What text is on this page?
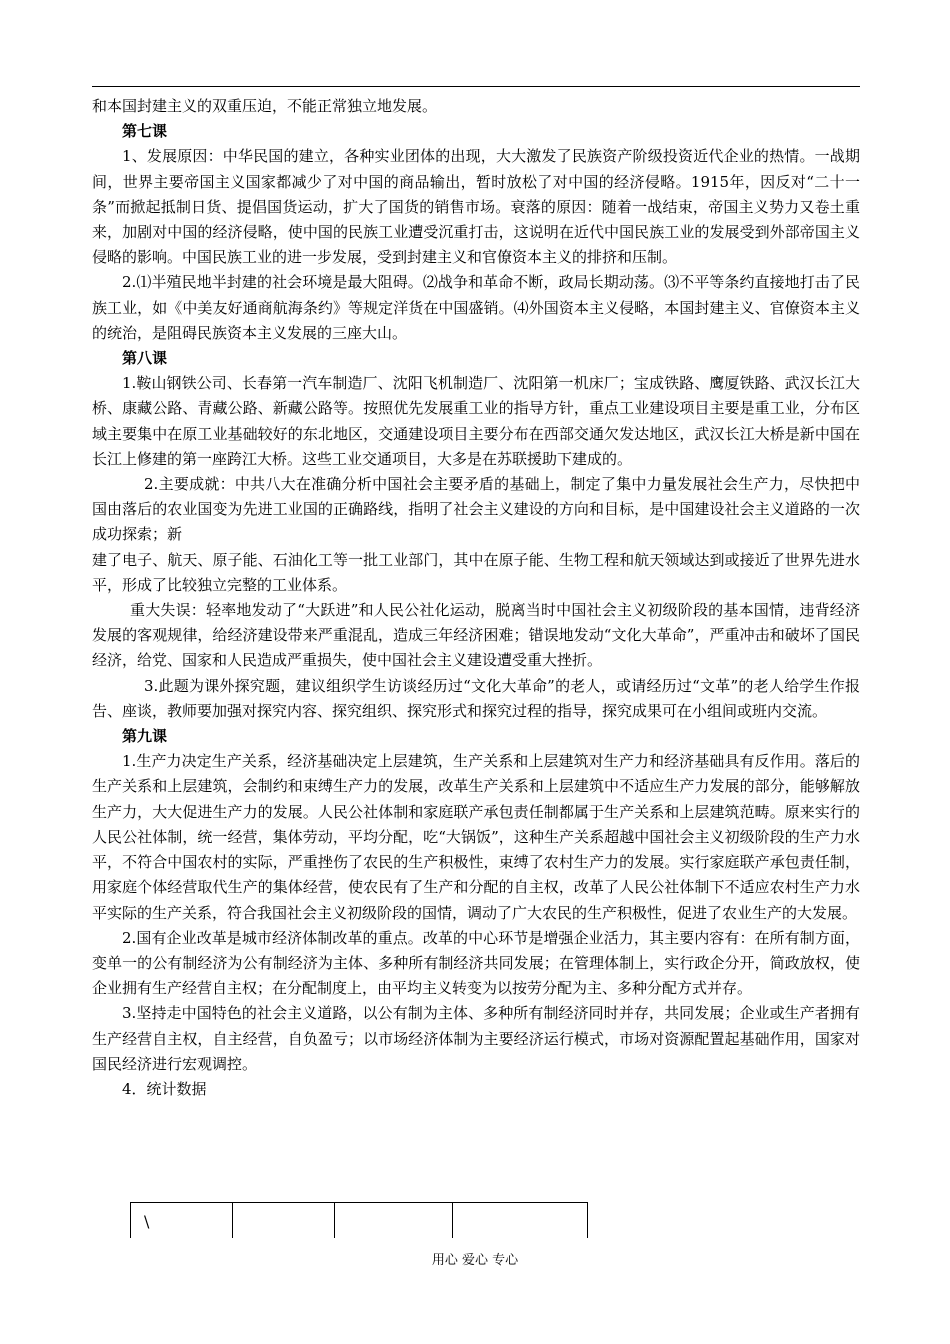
和本国封建主义的双重压迫，不能正常独立地发展。

第七课

1、发展原因：中华民国的建立，各种实业团体的出现，大大激发了民族资产阶级投资近代企业的热情。一战期间，世界主要帝国主义国家都减少了对中国的商品输出，暂时放松了对中国的经济侵略。1915年，因反对“二十一条”而掀起抵制日货、提倡国货运动，扩大了国货的销售市场。衰落的原因：随着一战结束，帝国主义势力又卷土重来，加剧对中国的经济侵略，使中国的民族工业遭受沉重打击，这说明在近代中国民族工业的发展受到外部帝国主义侵略的影响。中国民族工业的进一步发展，受到封建主义和官僚资本主义的排挤和压制。

2.⑴半殖民地半封建的社会环境是最大阻碍。⑵战争和革命不断，政局长期动荡。⑶不平等条约直接地打击了民族工业，如《中美友好通商航海条约》等规定洋货在中国盛销。⑷外国资本主义侵略，本国封建主义、官僚资本主义的统治，是阻碍民族资本主义发展的三座大山。

第八课

1.鞍山钢铁公司、长春第一汽车制造厂、沈阳飞机制造厂、沈阳第一机床厂；宝成铁路、鹰厦铁路、武汉长江大桥、康藏公路、青藏公路、新藏公路等。按照优先发展重工业的指导方针，重点工业建设项目主要是重工业，分布区域主要集中在原工业基础较好的东北地区，交通建设项目主要分布在西部交通欠发达地区，武汉长江大桥是新中国在长江上修建的第一座跨江大桥。这些工业交通项目，大多是在苏联援助下建成的。

2.主要成就：中共八大在准确分析中国社会主要矛盾的基础上，制定了集中力量发展社会生产力，尽快把中国由落后的农业国变为先进工业国的正确路线，指明了社会主义建设的方向和目标，是中国建设社会主义道路的一次成功探索；新

建了电子、航天、原子能、石油化工等一批工业部门，其中在原子能、生物工程和航天领域达到或接近了世界先进水平，形成了比较独立完整的工业体系。

重大失误：轻率地发动了“大跃进”和人民公社化运动，脱离当时中国社会主义初级阶段的基本国情，违背经济发展的客观规律，给经济建设带来严重混乱，造成三年经济困难；错误地发动“文化大革命”，严重冲击和破坏了国民经济，给党、国家和人民造成严重损失，使中国社会主义建设遭受重大挫折。

3.此题为课外探究题，建议组织学生访谈经历过“文化大革命”的老人，或请经历过“文革”的老人给学生作报告、座谈，教师要加强对探究内容、探究组织、探究形式和探究过程的指导，探究成果可在小组间或班内交流。

第九课

1.生产力决定生产关系，经济基础决定上层建筑，生产关系和上层建筑对生产力和经济基础具有反作用。落后的生产关系和上层建筑，会制约和束缚生产力的发展，改革生产关系和上层建筑中不适应生产力发展的部分，能够解放生产力，大大促进生产力的发展。人民公社体制和家庭联产承包责任制都属于生产关系和上层建筑范畴。原来实行的人民公社体制，统一经营，集体劳动，平均分配，吃“大锅饭”，这种生产关系超越中国社会主义初级阶段的生产力水平，不符合中国农村的实际，严重挫伤了农民的生产积极性，束缚了农村生产力的发展。实行家庭联产承包责任制，用家庭个体经营取代生产的集体经营，使农民有了生产和分配的自主权，改革了人民公社体制下不适应农村生产力水平实际的生产关系，符合我国社会主义初级阶段的国情，调动了广大农民的生产积极性，促进了农业生产的大发展。

2.国有企业改革是城市经济体制改革的重点。改革的中心环节是增强企业活力，其主要内容有：在所有制方面，变单一的公有制经济为公有制经济为主体、多种所有制经济共同发展；在管理体制上，实行政企分开，简政放权，使企业拥有生产经营自主权；在分配制度上，由平均主义转变为以按劳分配为主、多种分配方式并存。

3.坚持走中国特色的社会主义道路，以公有制为主体、多种所有制经济同时并存，共同发展；企业或生产者拥有生产经营自主权，自主经营，自负盈亏；以市场经济体制为主要经济运行模式，市场对资源配置起基础作用，国家对国民经济进行宏观调控。

4．统计数据

\
用心 爱心 专心
